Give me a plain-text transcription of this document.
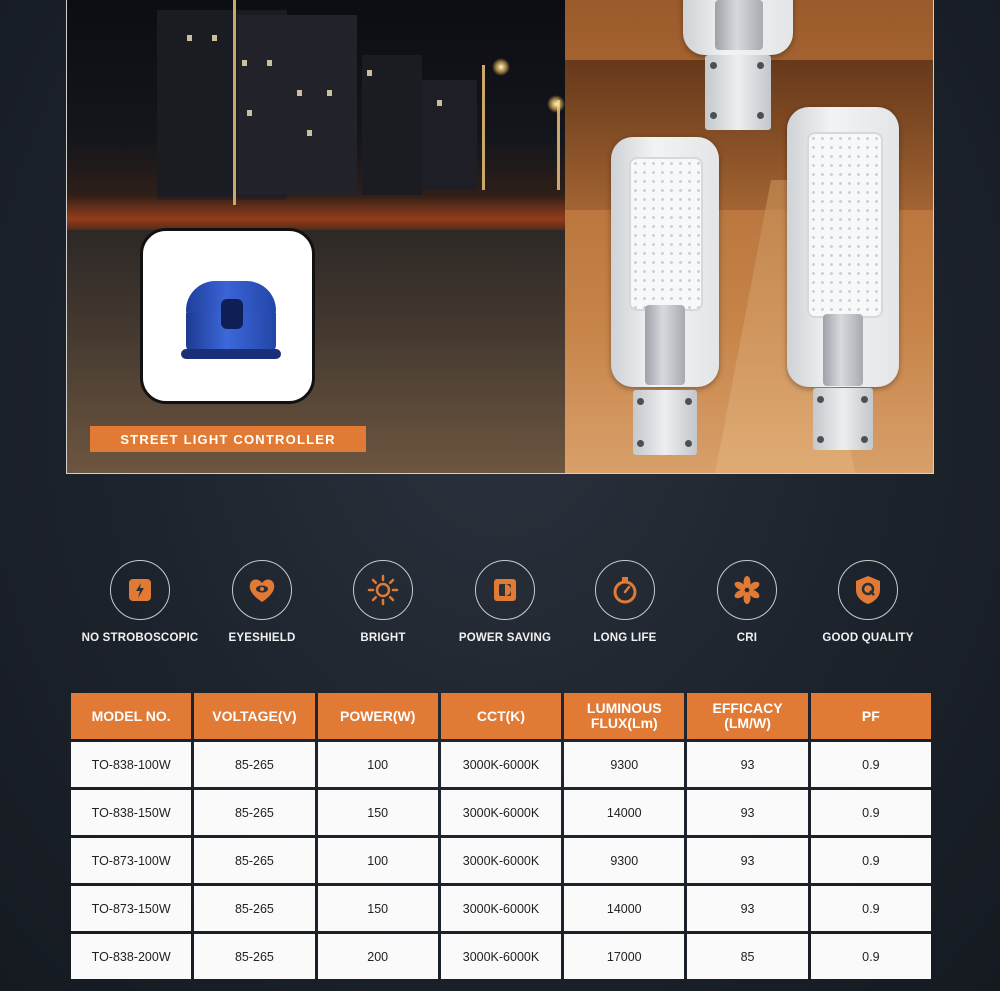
STREET LIGHT CONTROLLER
NO STROBOSCOPIC	EYESHIELD	BRIGHT	POWER SAVING	LONG LIFE	CRI	GOOD QUALITY
MODEL NO.	VOLTAGE(V)	POWER(W)	CCT(K)	LUMINOUS FLUX(Lm)	EFFICACY (LM/W)	PF
TO-838-100W	85-265	100	3000K-6000K	9300	93	0.9
TO-838-150W	85-265	150	3000K-6000K	14000	93	0.9
TO-873-100W	85-265	100	3000K-6000K	9300	93	0.9
TO-873-150W	85-265	150	3000K-6000K	14000	93	0.9
TO-838-200W	85-265	200	3000K-6000K	17000	85	0.9
